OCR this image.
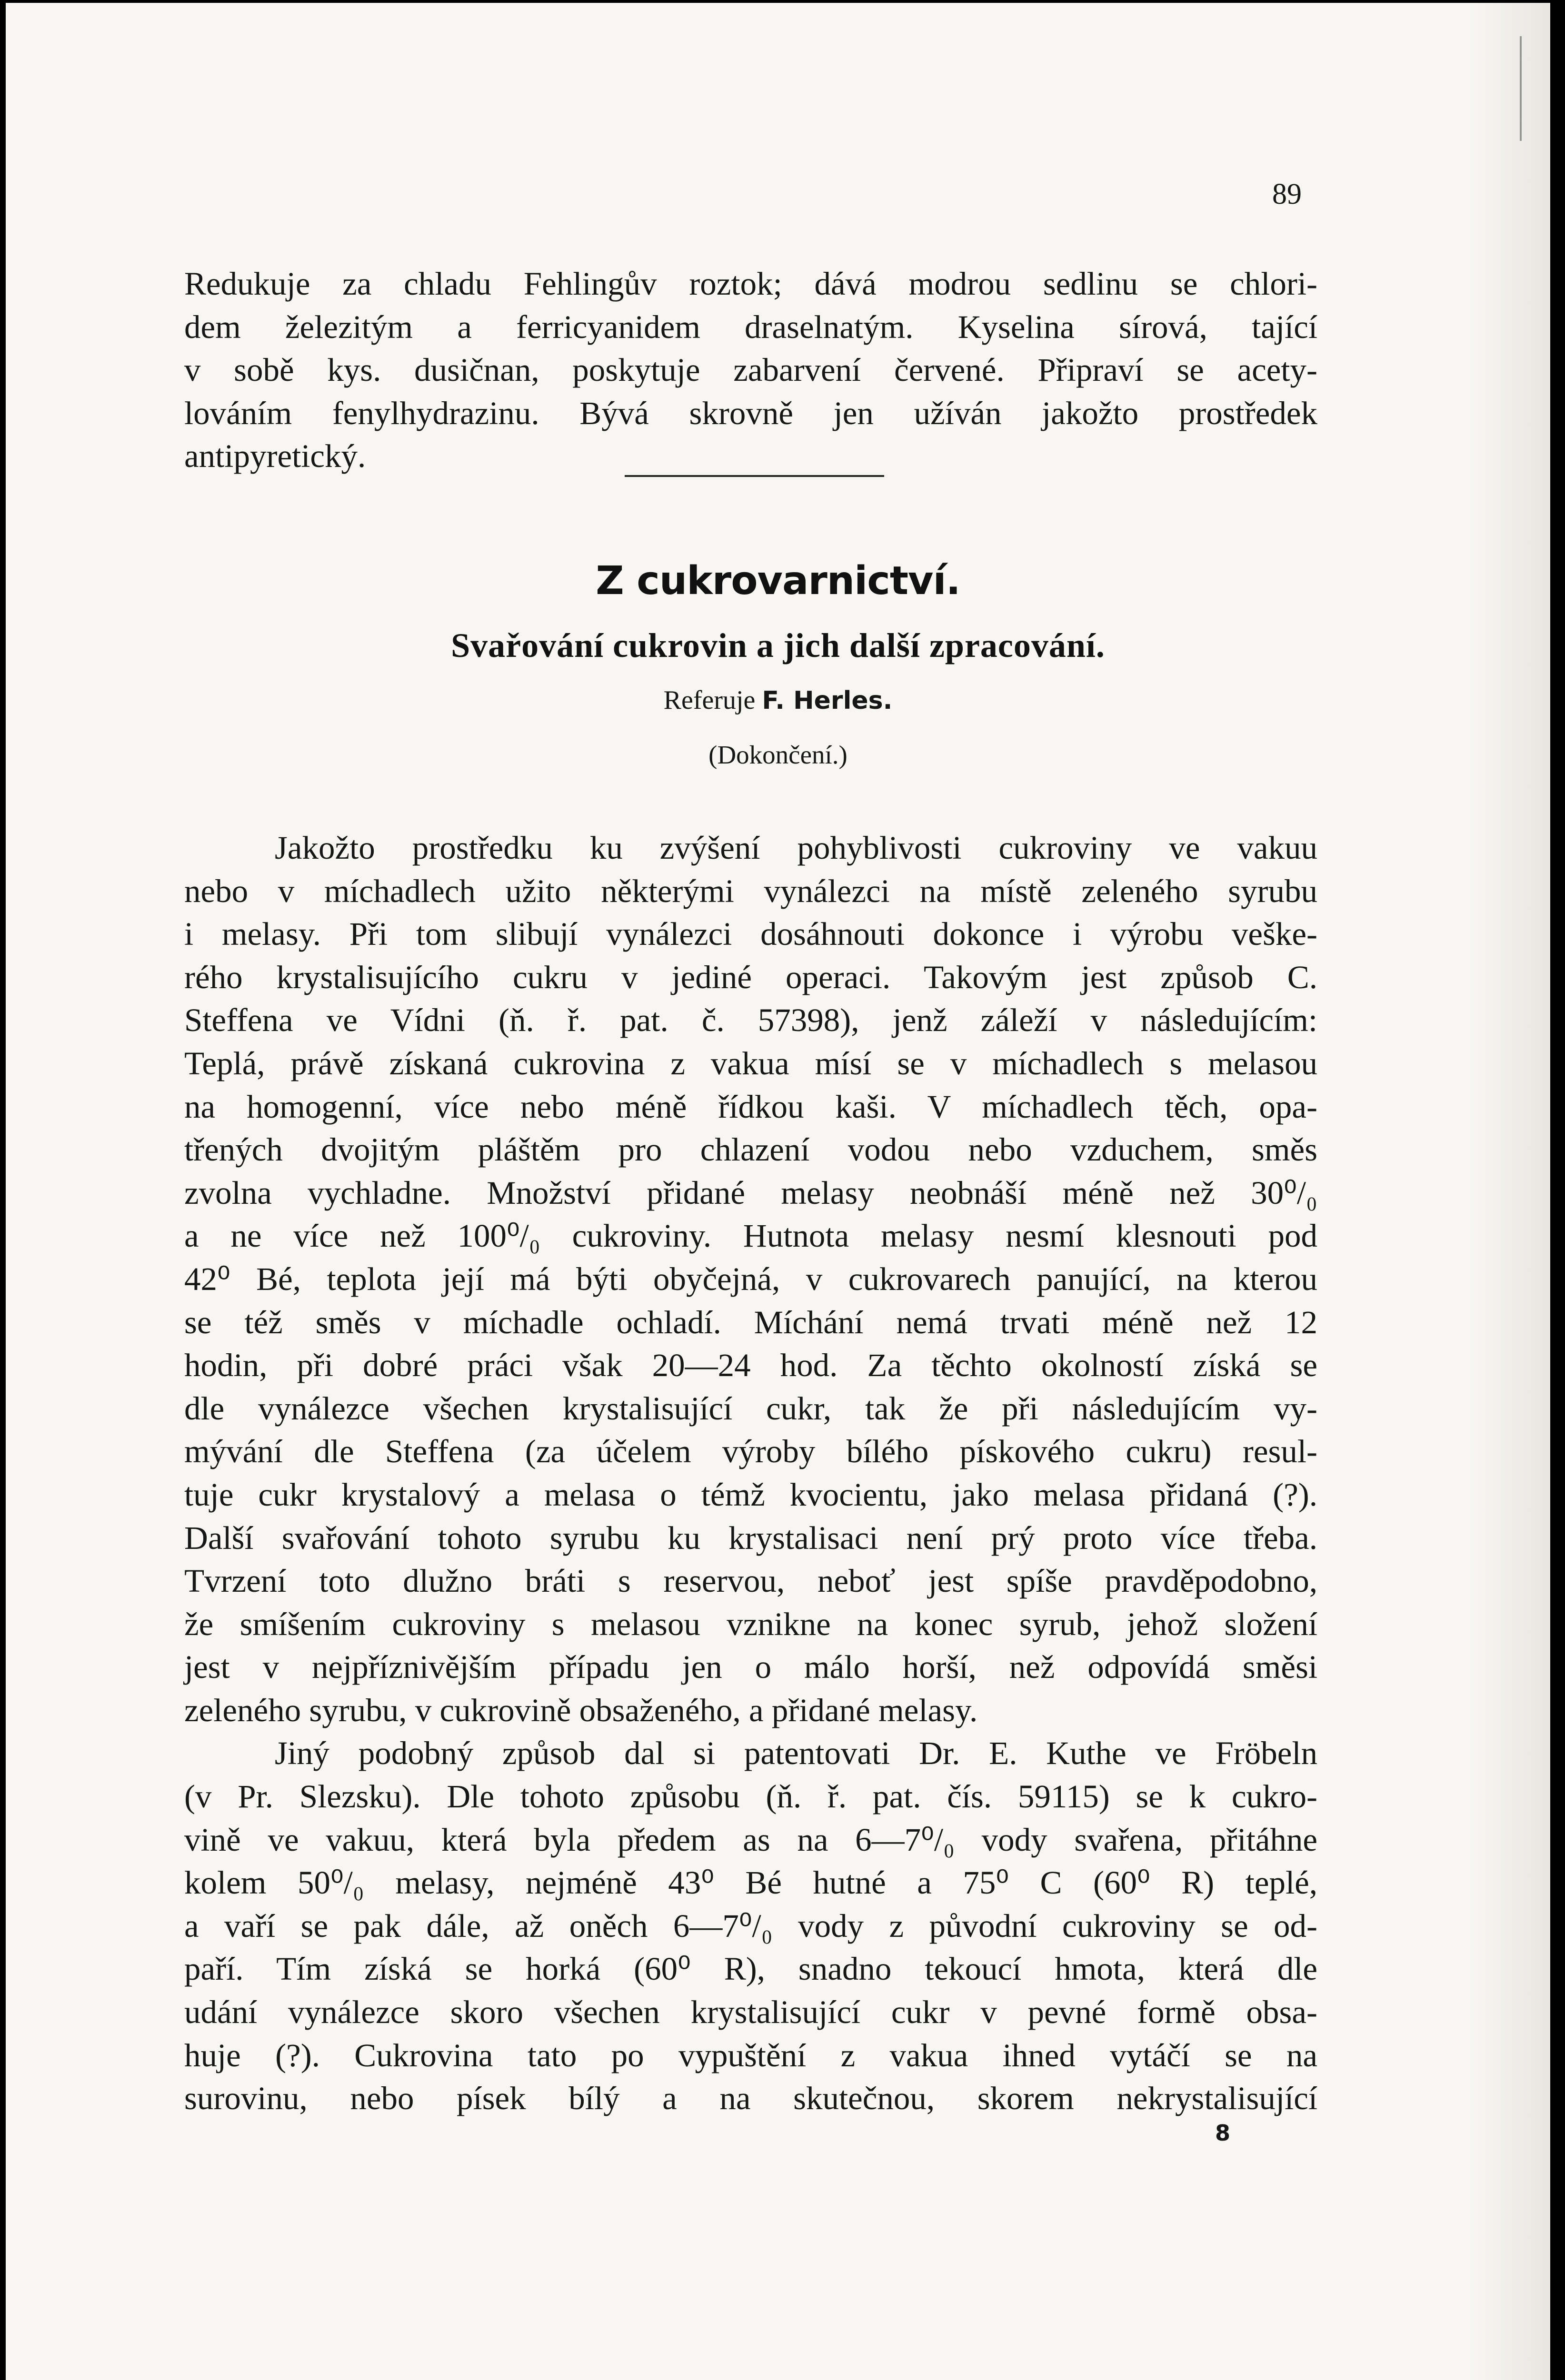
89
Redukuje za chladu Fehlingův roztok; dává modrou sedlinu se chlori-
dem železitým a ferricyanidem draselnatým. Kyselina sírová, tající
v sobě kys. dusičnan, poskytuje zabarvení červené. Připraví se acety-
lováním fenylhydrazinu. Bývá skrovně jen užíván jakožto prostředek
antipyretický.
Z cukrovarnictví.
Svařování cukrovin a jich další zpracování.
Referuje F. Herles.
(Dokončení.)
Jakožto prostředku ku zvýšení pohyblivosti cukroviny ve vakuu
nebo v míchadlech užito některými vynálezci na místě zeleného syrubu
i melasy. Při tom slibují vynálezci dosáhnouti dokonce i výrobu veške-
rého krystalisujícího cukru v jediné operaci. Takovým jest způsob C.
Steffena ve Vídni (ň. ř. pat. č. 57398), jenž záleží v následujícím:
Teplá, právě získaná cukrovina z vakua mísí se v míchadlech s melasou
na homogenní, více nebo méně řídkou kaši. V míchadlech těch, opa-
třených dvojitým pláštěm pro chlazení vodou nebo vzduchem, směs
zvolna vychladne. Množství přidané melasy neobnáší méně než 30⁰/₀
a ne více než 100⁰/₀ cukroviny. Hutnota melasy nesmí klesnouti pod
42⁰ Bé, teplota její má býti obyčejná, v cukrovarech panující, na kterou
se též směs v míchadle ochladí. Míchání nemá trvati méně než 12
hodin, při dobré práci však 20—24 hod. Za těchto okolností získá se
dle vynálezce všechen krystalisující cukr, tak že při následujícím vy-
mývání dle Steffena (za účelem výroby bílého pískového cukru) resul-
tuje cukr krystalový a melasa o témž kvocientu, jako melasa přidaná (?).
Další svařování tohoto syrubu ku krystalisaci není prý proto více třeba.
Tvrzení toto dlužno bráti s reservou, neboť jest spíše pravděpodobno,
že smíšením cukroviny s melasou vznikne na konec syrub, jehož složení
jest v nejpříznivějším případu jen o málo horší, než odpovídá směsi
zeleného syrubu, v cukrovině obsaženého, a přidané melasy.
Jiný podobný způsob dal si patentovati Dr. E. Kuthe ve Fröbeln
(v Pr. Slezsku). Dle tohoto způsobu (ň. ř. pat. čís. 59115) se k cukro-
vině ve vakuu, která byla předem as na 6—7⁰/₀ vody svařena, přitáhne
kolem 50⁰/₀ melasy, nejméně 43⁰ Bé hutné a 75⁰ C (60⁰ R) teplé,
a vaří se pak dále, až oněch 6—7⁰/₀ vody z původní cukroviny se od-
paří. Tím získá se horká (60⁰ R), snadno tekoucí hmota, která dle
udání vynálezce skoro všechen krystalisující cukr v pevné formě obsa-
huje (?). Cukrovina tato po vypuštění z vakua ihned vytáčí se na
surovinu, nebo písek bílý a na skutečnou, skorem nekrystalisující
8
